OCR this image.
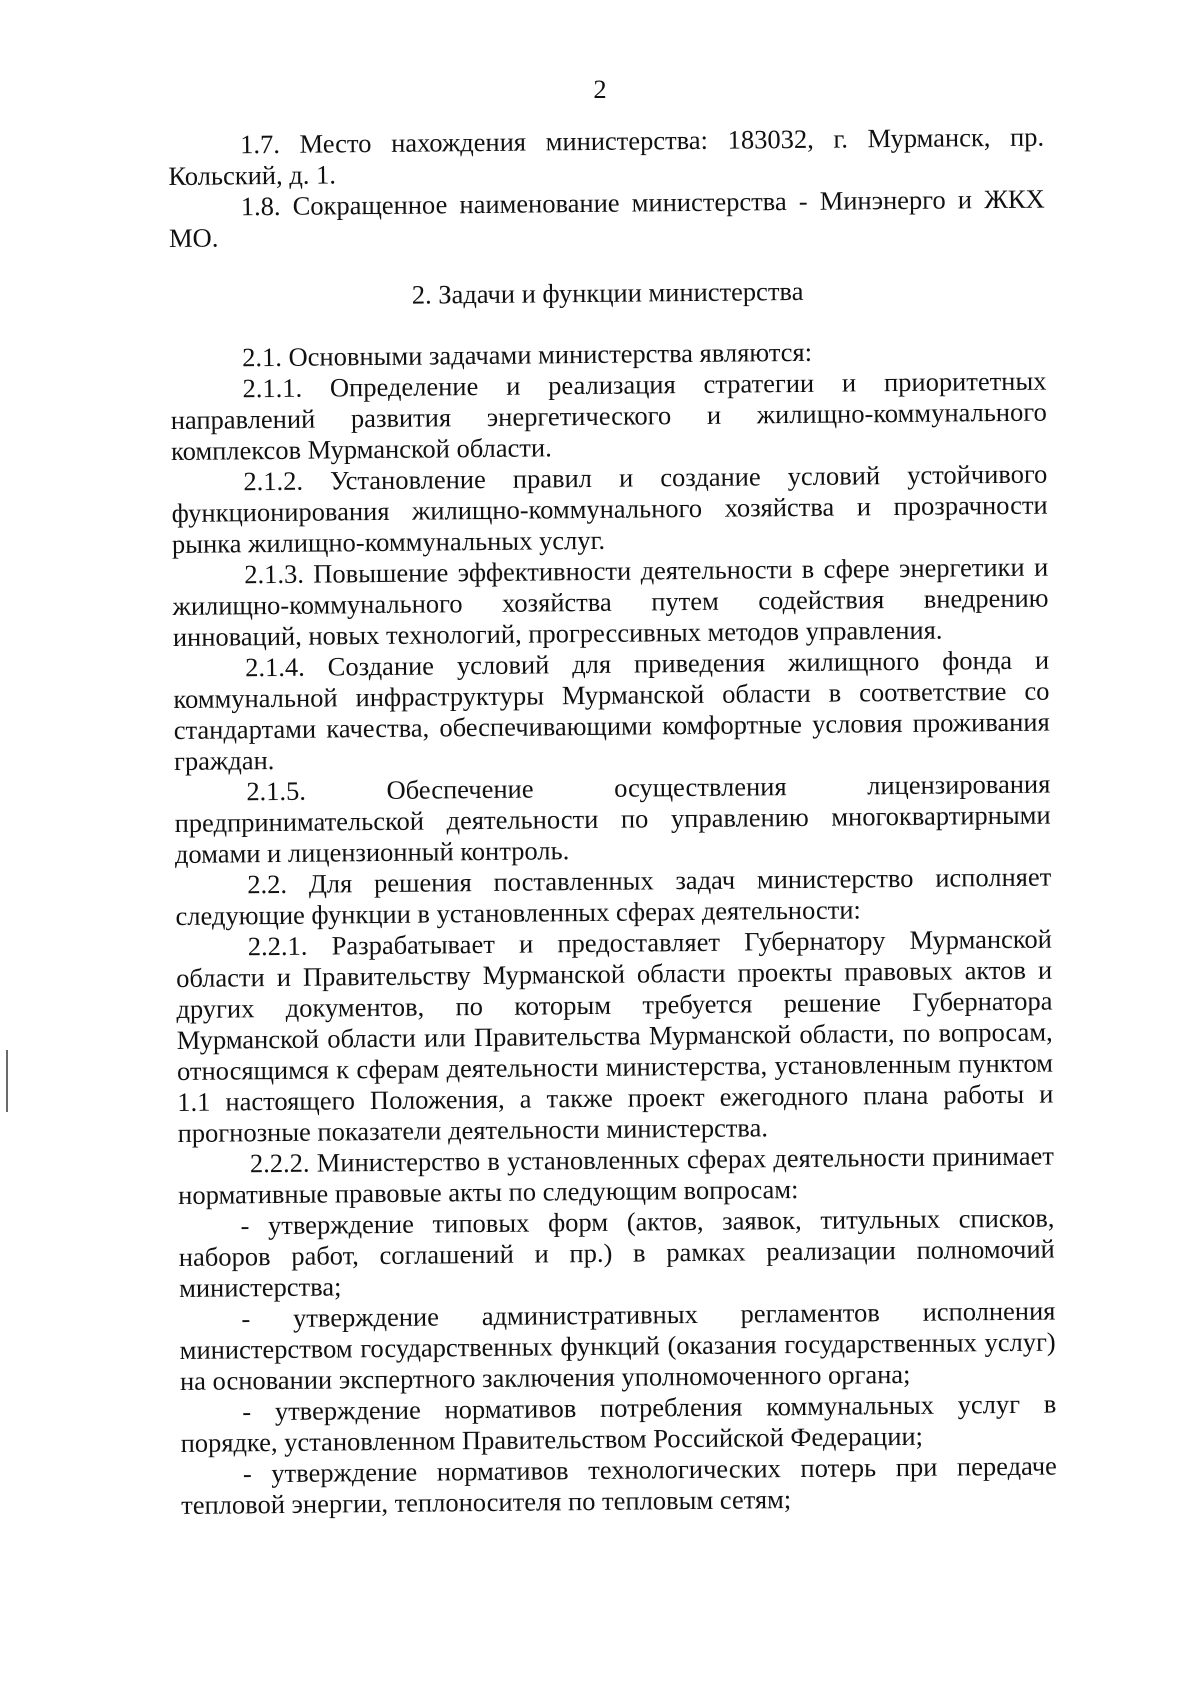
2

1.7. Место нахождения министерства: 183032, г. Мурманск, пр. Кольский, д. 1.

1.8. Сокращенное наименование министерства - Минэнерго и ЖКХ МО.

2. Задачи и функции министерства

2.1. Основными задачами министерства являются:

2.1.1. Определение и реализация стратегии и приоритетных направлений развития энергетического и жилищно-коммунального комплексов Мурманской области.

2.1.2. Установление правил и создание условий устойчивого функционирования жилищно-коммунального хозяйства и прозрачности рынка жилищно-коммунальных услуг.

2.1.3. Повышение эффективности деятельности в сфере энергетики и жилищно-коммунального хозяйства путем содействия внедрению инноваций, новых технологий, прогрессивных методов управления.

2.1.4. Создание условий для приведения жилищного фонда и коммунальной инфраструктуры Мурманской области в соответствие со стандартами качества, обеспечивающими комфортные условия проживания граждан.

2.1.5. Обеспечение осуществления лицензирования предпринимательской деятельности по управлению многоквартирными домами и лицензионный контроль.

2.2. Для решения поставленных задач министерство исполняет следующие функции в установленных сферах деятельности:

2.2.1. Разрабатывает и предоставляет Губернатору Мурманской области и Правительству Мурманской области проекты правовых актов и других документов, по которым требуется решение Губернатора Мурманской области или Правительства Мурманской области, по вопросам, относящимся к сферам деятельности министерства, установленным пунктом 1.1 настоящего Положения, а также проект ежегодного плана работы и прогнозные показатели деятельности министерства.

2.2.2. Министерство в установленных сферах деятельности принимает нормативные правовые акты по следующим вопросам:

- утверждение типовых форм (актов, заявок, титульных списков, наборов работ, соглашений и пр.) в рамках реализации полномочий министерства;

- утверждение административных регламентов исполнения министерством государственных функций (оказания государственных услуг) на основании экспертного заключения уполномоченного органа;

- утверждение нормативов потребления коммунальных услуг в порядке, установленном Правительством Российской Федерации;

- утверждение нормативов технологических потерь при передаче тепловой энергии, теплоносителя по тепловым сетям;
